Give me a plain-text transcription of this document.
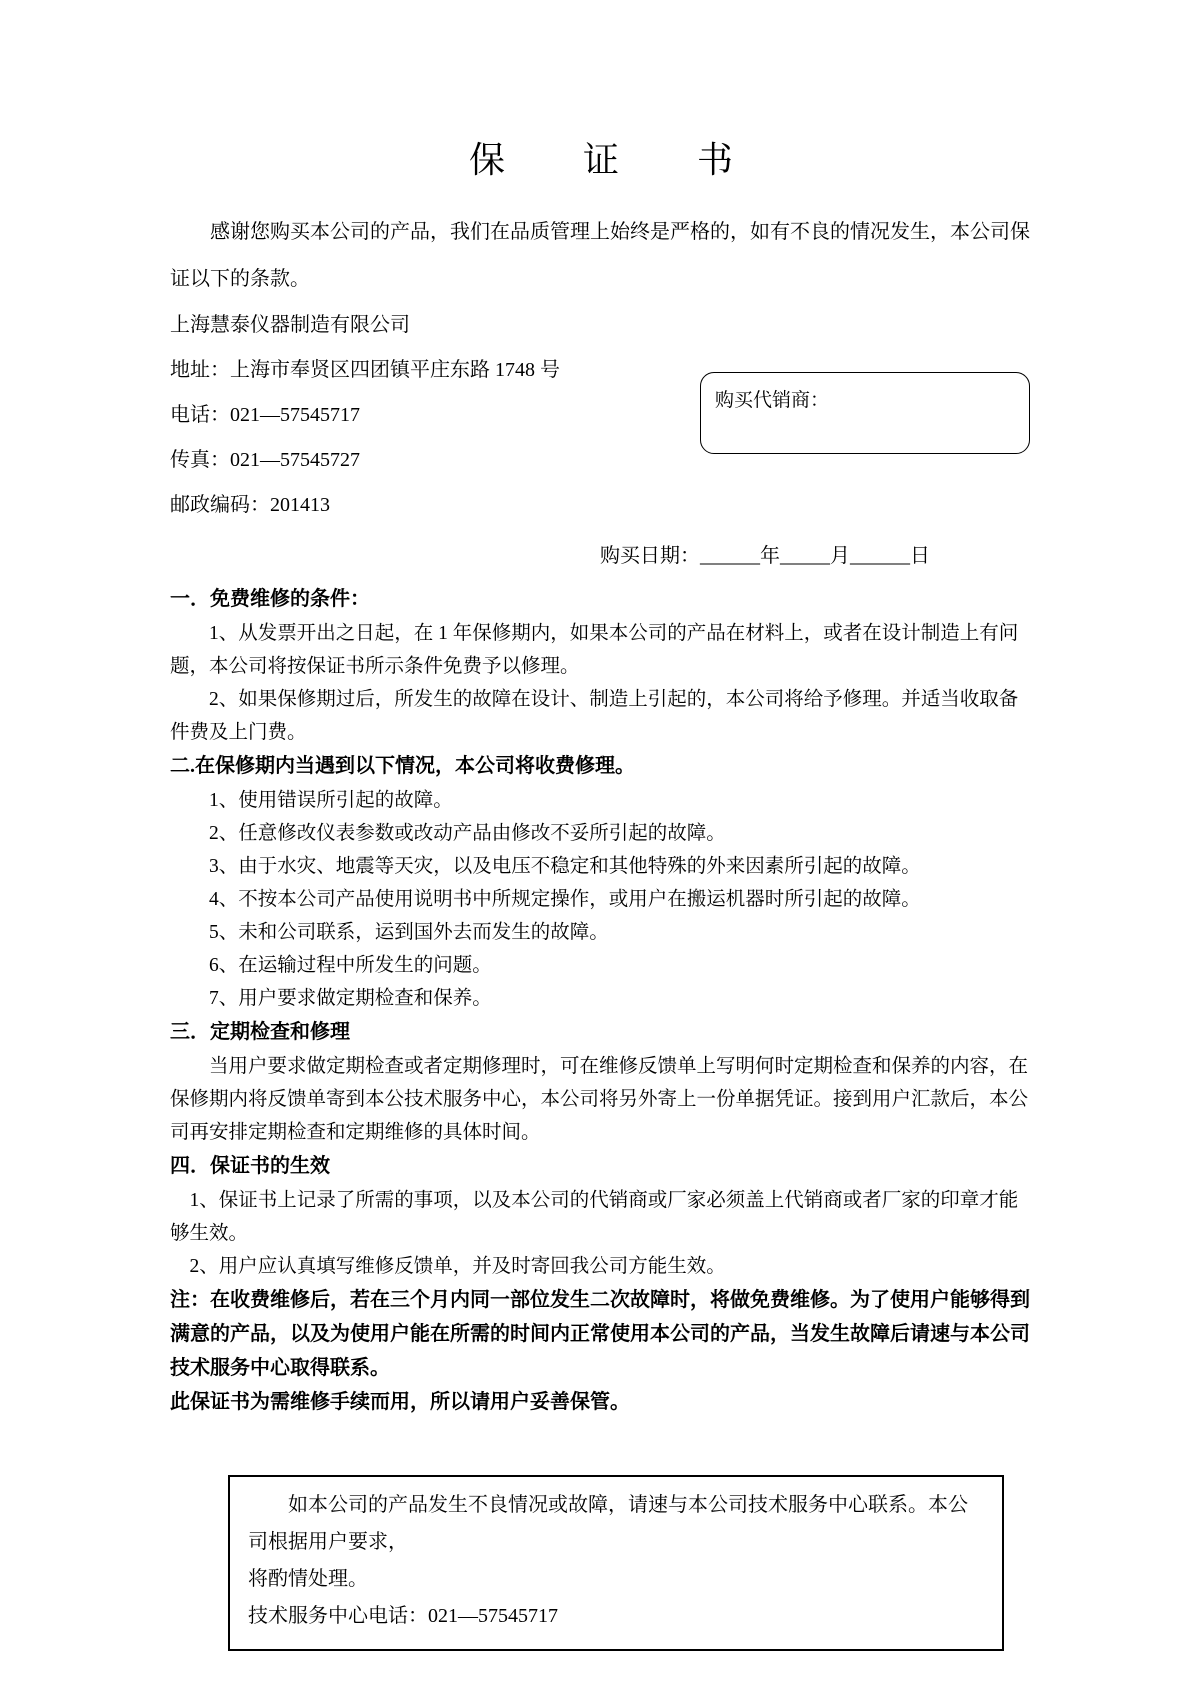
购买代销商：
保　　证　　书

感谢您购买本公司的产品，我们在品质管理上始终是严格的，如有不良的情况发生，本公司保证以下的条款。

上海慧泰仪器制造有限公司

地址：上海市奉贤区四团镇平庄东路 1748 号

电话：021—57545717

传真：021—57545727

邮政编码：201413

购买日期：______年_____月______日

一．免费维修的条件：

1、从发票开出之日起，在 1 年保修期内，如果本公司的产品在材料上，或者在设计制造上有问题，本公司将按保证书所示条件免费予以修理。

2、如果保修期过后，所发生的故障在设计、制造上引起的，本公司将给予修理。并适当收取备件费及上门费。

二.在保修期内当遇到以下情况，本公司将收费修理。

1、使用错误所引起的故障。

2、任意修改仪表参数或改动产品由修改不妥所引起的故障。

3、由于水灾、地震等天灾，以及电压不稳定和其他特殊的外来因素所引起的故障。

4、不按本公司产品使用说明书中所规定操作，或用户在搬运机器时所引起的故障。

5、未和公司联系，运到国外去而发生的故障。

6、在运输过程中所发生的问题。

7、用户要求做定期检查和保养。

三．定期检查和修理

当用户要求做定期检查或者定期修理时，可在维修反馈单上写明何时定期检查和保养的内容，在保修期内将反馈单寄到本公技术服务中心，本公司将另外寄上一份单据凭证。接到用户汇款后，本公司再安排定期检查和定期维修的具体时间。

四．保证书的生效

1、保证书上记录了所需的事项，以及本公司的代销商或厂家必须盖上代销商或者厂家的印章才能够生效。

2、用户应认真填写维修反馈单，并及时寄回我公司方能生效。

注：在收费维修后，若在三个月内同一部位发生二次故障时，将做免费维修。为了使用户能够得到满意的产品，以及为使用户能在所需的时间内正常使用本公司的产品，当发生故障后请速与本公司技术服务中心取得联系。

此保证书为需维修手续而用，所以请用户妥善保管。

如本公司的产品发生不良情况或故障，请速与本公司技术服务中心联系。本公司根据用户要求，

将酌情处理。

技术服务中心电话：021—57545717
